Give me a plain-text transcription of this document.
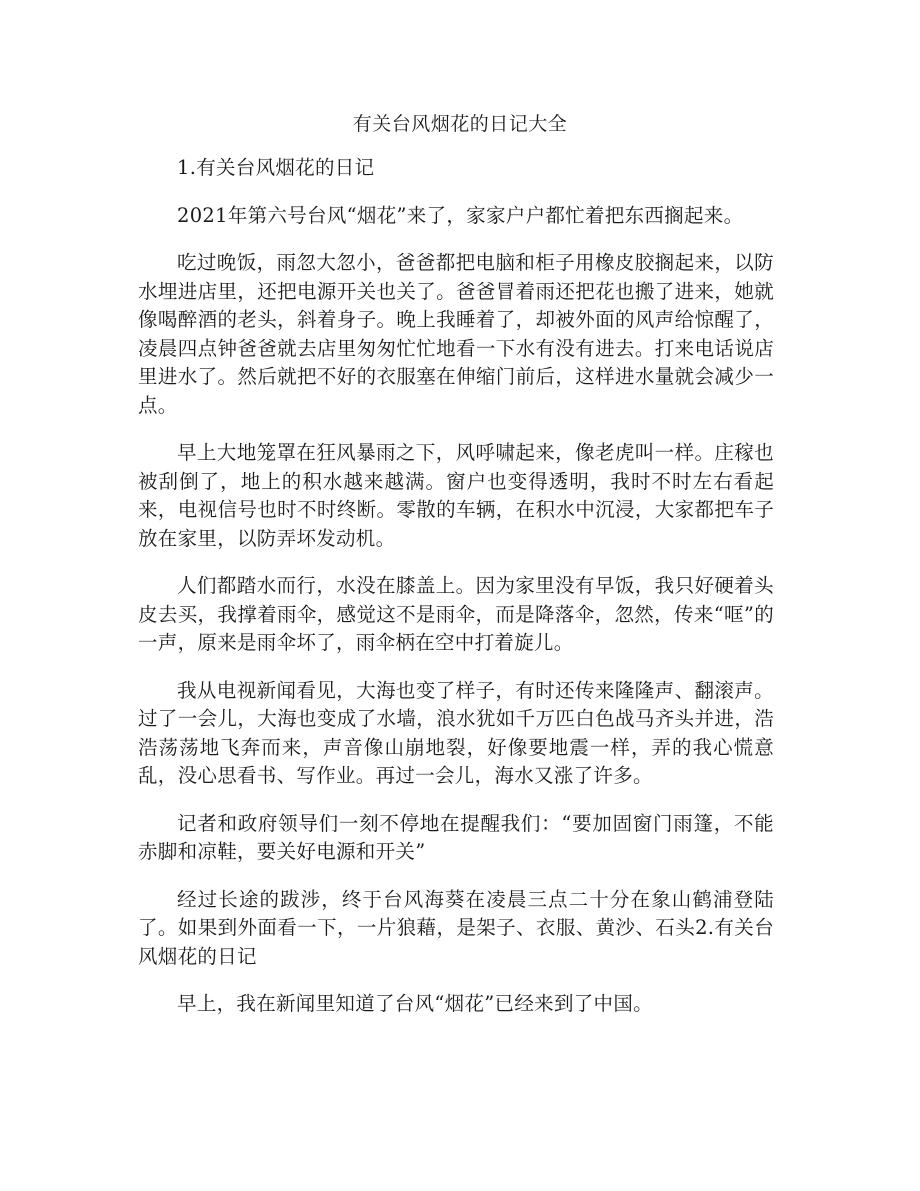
有关台风烟花的日记大全

1.有关台风烟花的日记

2021年第六号台风“烟花”来了，家家户户都忙着把东西搁起来。

吃过晚饭，雨忽大忽小，爸爸都把电脑和柜子用橡皮胶搁起来，以防水埋进店里，还把电源开关也关了。爸爸冒着雨还把花也搬了进来，她就像喝醉酒的老头，斜着身子。晚上我睡着了，却被外面的风声给惊醒了，凌晨四点钟爸爸就去店里匆匆忙忙地看一下水有没有进去。打来电话说店里进水了。然后就把不好的衣服塞在伸缩门前后，这样进水量就会减少一点。

早上大地笼罩在狂风暴雨之下，风呼啸起来，像老虎叫一样。庄稼也被刮倒了，地上的积水越来越满。窗户也变得透明，我时不时左右看起来，电视信号也时不时终断。零散的车辆，在积水中沉浸，大家都把车子放在家里，以防弄坏发动机。

人们都踏水而行，水没在膝盖上。因为家里没有早饭，我只好硬着头皮去买，我撑着雨伞，感觉这不是雨伞，而是降落伞，忽然，传来“哐”的一声，原来是雨伞坏了，雨伞柄在空中打着旋儿。

我从电视新闻看见，大海也变了样子，有时还传来隆隆声、翻滚声。过了一会儿，大海也变成了水墙，浪水犹如千万匹白色战马齐头并进，浩浩荡荡地飞奔而来，声音像山崩地裂，好像要地震一样，弄的我心慌意乱，没心思看书、写作业。再过一会儿，海水又涨了许多。

记者和政府领导们一刻不停地在提醒我们：“要加固窗门雨篷，不能赤脚和凉鞋，要关好电源和开关”

经过长途的跋涉，终于台风海葵在凌晨三点二十分在象山鹤浦登陆了。如果到外面看一下，一片狼藉，是架子、衣服、黄沙、石头2.有关台风烟花的日记

早上，我在新闻里知道了台风“烟花”已经来到了中国。
